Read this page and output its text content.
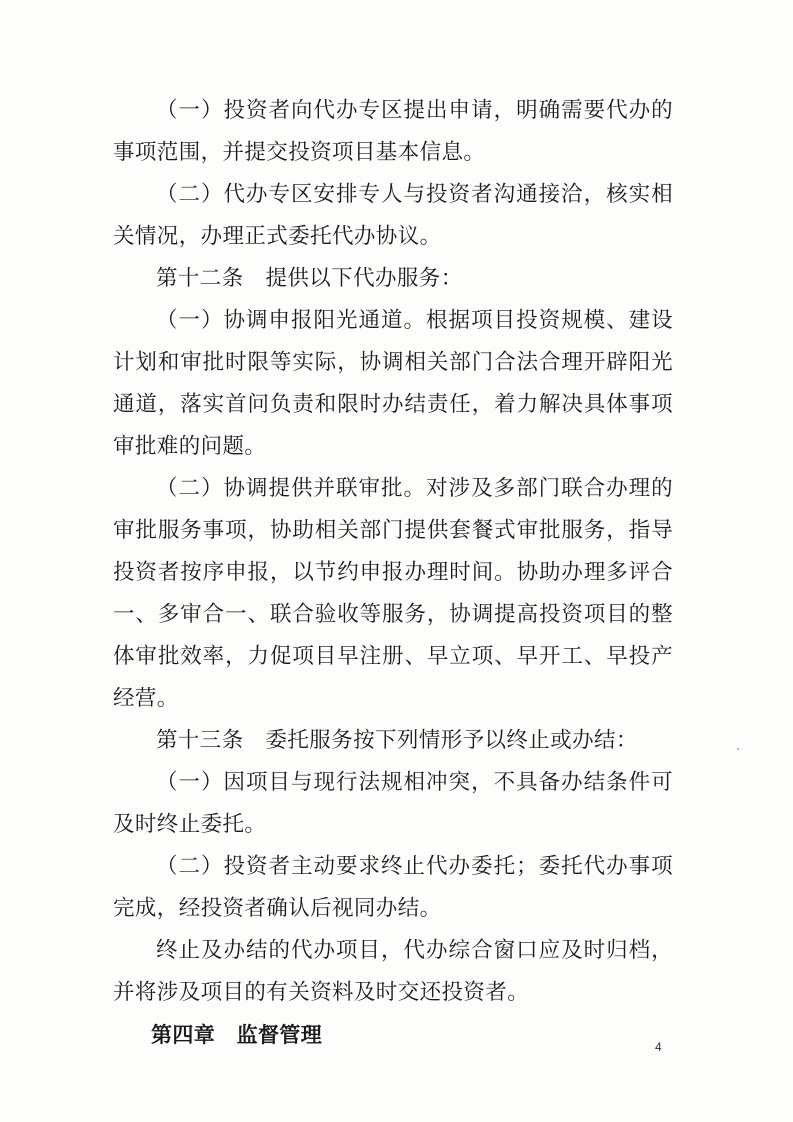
（一）投资者向代办专区提出申请，明确需要代办的事项范围，并提交投资项目基本信息。

（二）代办专区安排专人与投资者沟通接洽，核实相关情况，办理正式委托代办协议。

第十二条　提供以下代办服务：

（一）协调申报阳光通道。根据项目投资规模、建设计划和审批时限等实际，协调相关部门合法合理开辟阳光通道，落实首问负责和限时办结责任，着力解决具体事项审批难的问题。

（二）协调提供并联审批。对涉及多部门联合办理的审批服务事项，协助相关部门提供套餐式审批服务，指导投资者按序申报，以节约申报办理时间。协助办理多评合一、多审合一、联合验收等服务，协调提高投资项目的整体审批效率，力促项目早注册、早立项、早开工、早投产经营。

第十三条　委托服务按下列情形予以终止或办结：

（一）因项目与现行法规相冲突，不具备办结条件可及时终止委托。

（二）投资者主动要求终止代办委托；委托代办事项完成，经投资者确认后视同办结。

终止及办结的代办项目，代办综合窗口应及时归档，并将涉及项目的有关资料及时交还投资者。

第四章　监督管理	4
